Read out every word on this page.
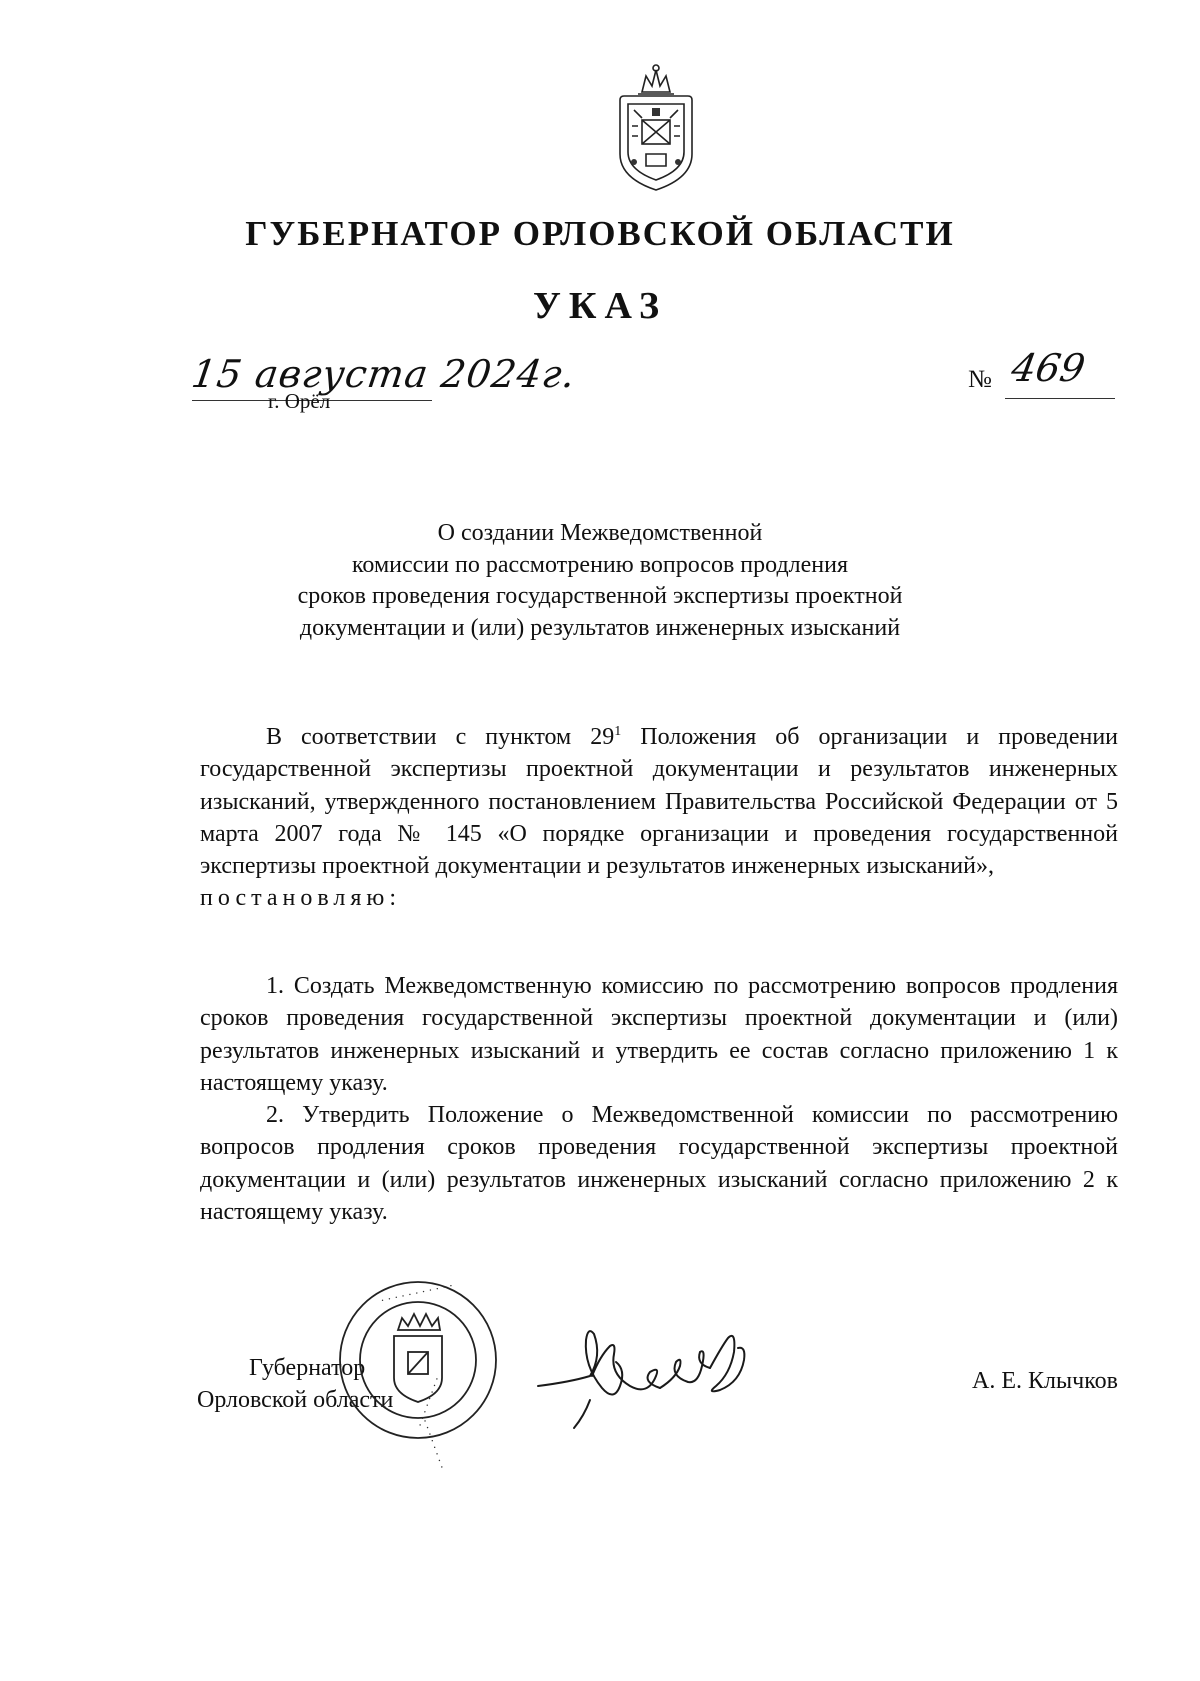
ГУБЕРНАТОР ОРЛОВСКОЙ ОБЛАСТИ
УКАЗ
15 августа 2024г.
г. Орёл
№ 469
О создании Межведомственной
комиссии по рассмотрению вопросов продления
сроков проведения государственной экспертизы проектной
документации и (или) результатов инженерных изысканий

В соответствии с пунктом $29^1$ Положения об организации и проведении государственной экспертизы проектной документации и результатов инженерных изысканий, утвержденного постановлением Правительства Российской Федерации от 5 марта 2007 года № 145 «О порядке организации и проведения государственной экспертизы проектной документации и результатов инженерных изысканий»,

постановляю:

1. Создать Межведомственную комиссию по рассмотрению вопросов продления сроков проведения государственной экспертизы проектной документации и (или) результатов инженерных изысканий и утвердить ее состав согласно приложению 1 к настоящему указу.

2. Утвердить Положение о Межведомственной комиссии по рассмотрению вопросов продления сроков проведения государственной экспертизы проектной документации и (или) результатов инженерных изысканий согласно приложению 2 к настоящему указу.

Губернатор
Орловской области
· · · · · · · · · · ·
· · · · · · · ·
· · · · · · · ·	А. Е. Клычков
